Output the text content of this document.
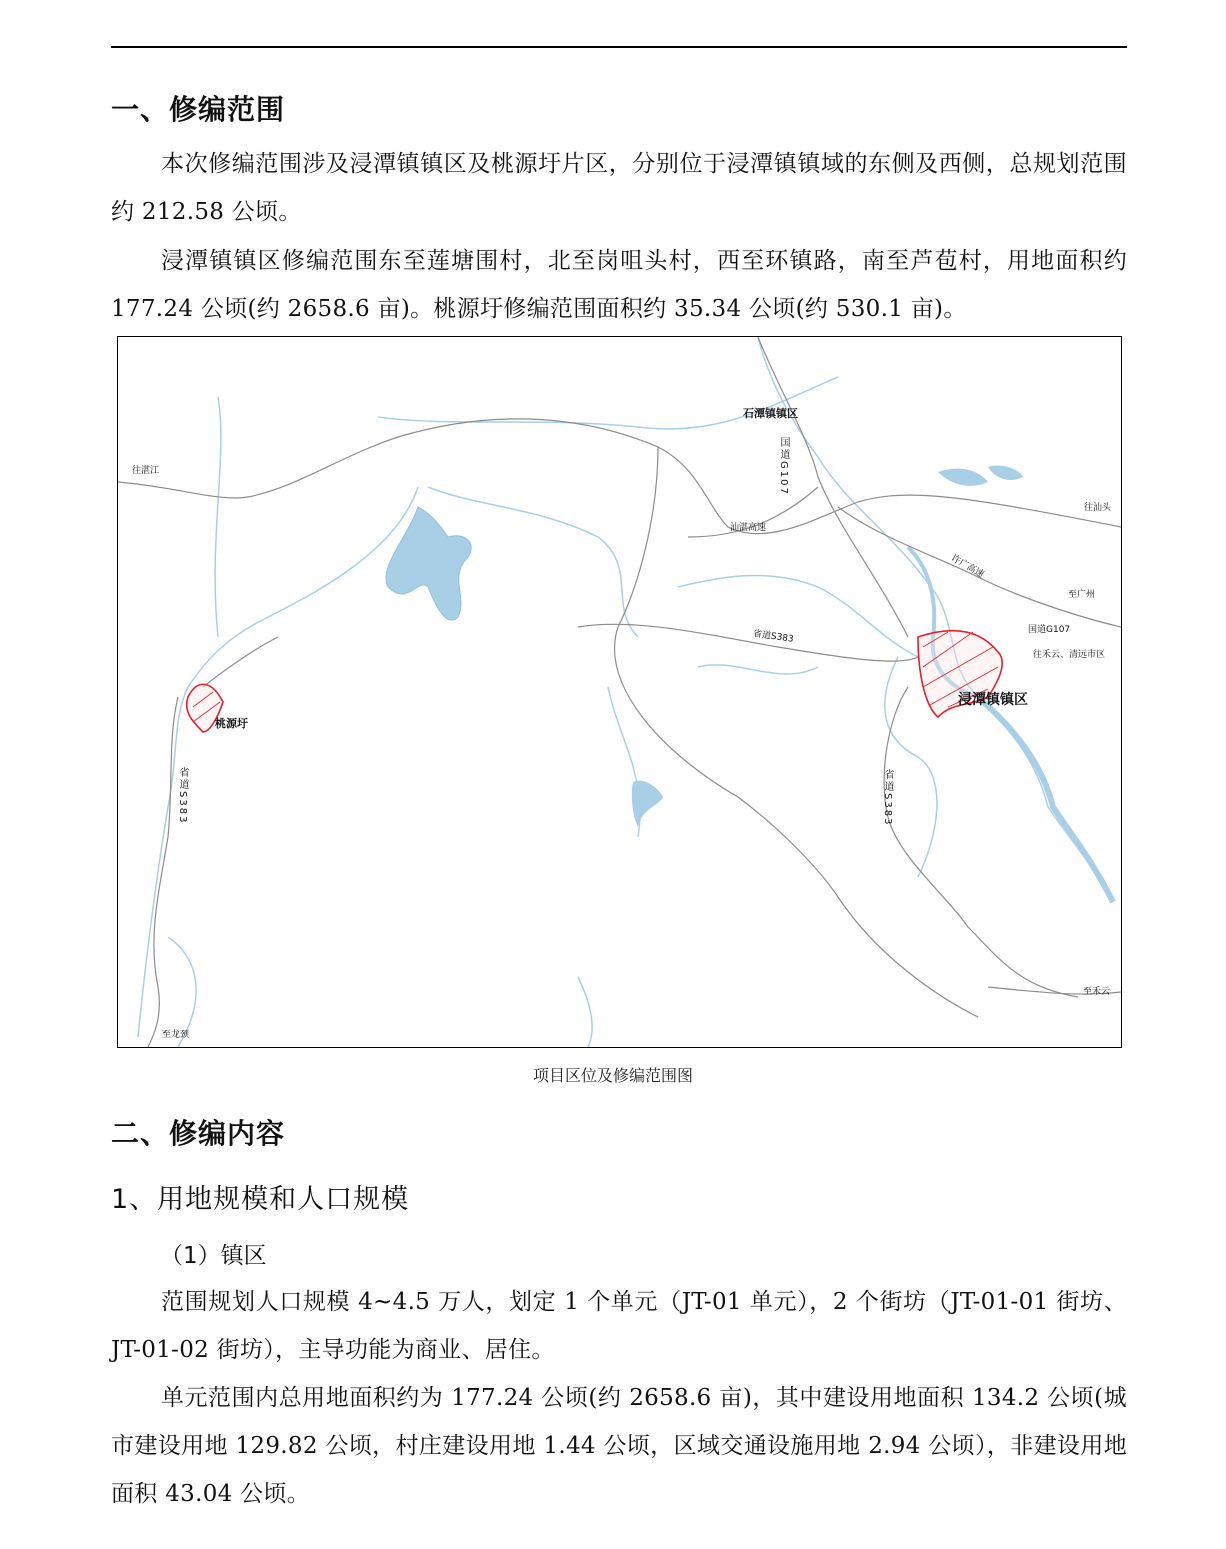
一、修编范围
本次修编范围涉及浸潭镇镇区及桃源圩片区，分别位于浸潭镇镇域的东侧及西侧，总规划范围约 212.58 公顷。
浸潭镇镇区修编范围东至莲塘围村，北至岗咀头村，西至环镇路，南至芦苞村，用地面积约 177.24 公顷(约 2658.6 亩)。桃源圩修编范围面积约 35.34 公顷(约 530.1 亩)。
石潭镇镇区
往湛江	国道G107
汕湛高速
往汕头
许广高速
至广州
国道G107
省道S383
往禾云、清远市区
浸潭镇镇区
桃源圩
省道S383	省道S383
至禾云
至龙颈
项目区位及修编范围图
二、修编内容
1、用地规模和人口规模
（1）镇区
范围规划人口规模 4~4.5 万人，划定 1 个单元（JT-01 单元），2 个街坊（JT-01-01 街坊、JT-01-02 街坊），主导功能为商业、居住。
单元范围内总用地面积约为 177.24 公顷(约 2658.6 亩)，其中建设用地面积 134.2 公顷(城市建设用地 129.82 公顷，村庄建设用地 1.44 公顷，区域交通设施用地 2.94 公顷），非建设用地面积 43.04 公顷。
